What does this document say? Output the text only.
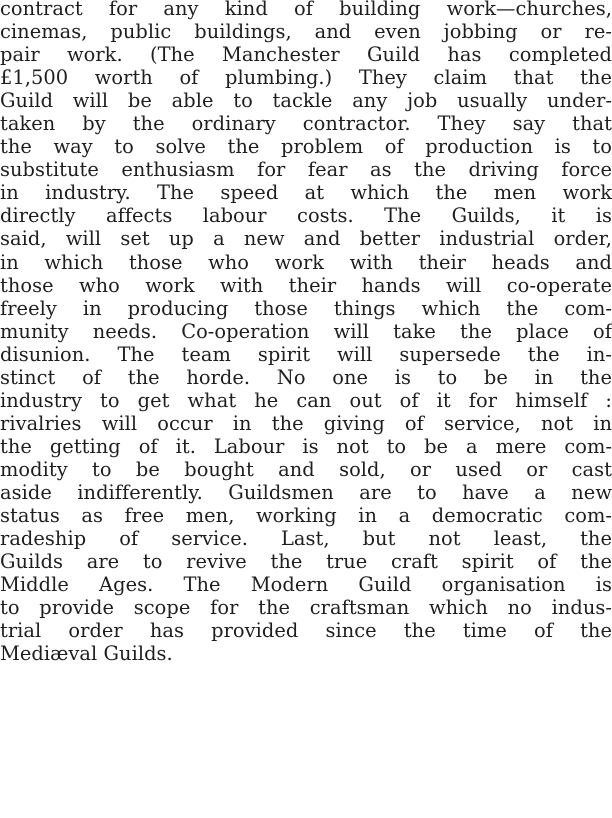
contract for any kind of building work—churches,
cinemas, public buildings, and even jobbing or re-
pair work. (The Manchester Guild has completed
£1,500 worth of plumbing.) They claim that the
Guild will be able to tackle any job usually under-
taken by the ordinary contractor. They say that
the way to solve the problem of production is to
substitute enthusiasm for fear as the driving force
in industry. The speed at which the men work
directly affects labour costs. The Guilds, it is
said, will set up a new and better industrial order,
in which those who work with their heads and
those who work with their hands will co-operate
freely in producing those things which the com-
munity needs. Co-operation will take the place of
disunion. The team spirit will supersede the in-
stinct of the horde. No one is to be in the
industry to get what he can out of it for himself :
rivalries will occur in the giving of service, not in
the getting of it. Labour is not to be a mere com-
modity to be bought and sold, or used or cast
aside indifferently. Guildsmen are to have a new
status as free men, working in a democratic com-
radeship of service. Last, but not least, the
Guilds are to revive the true craft spirit of the
Middle Ages. The Modern Guild organisation is
to provide scope for the craftsman which no indus-
trial order has provided since the time of the
Mediæval Guilds.
